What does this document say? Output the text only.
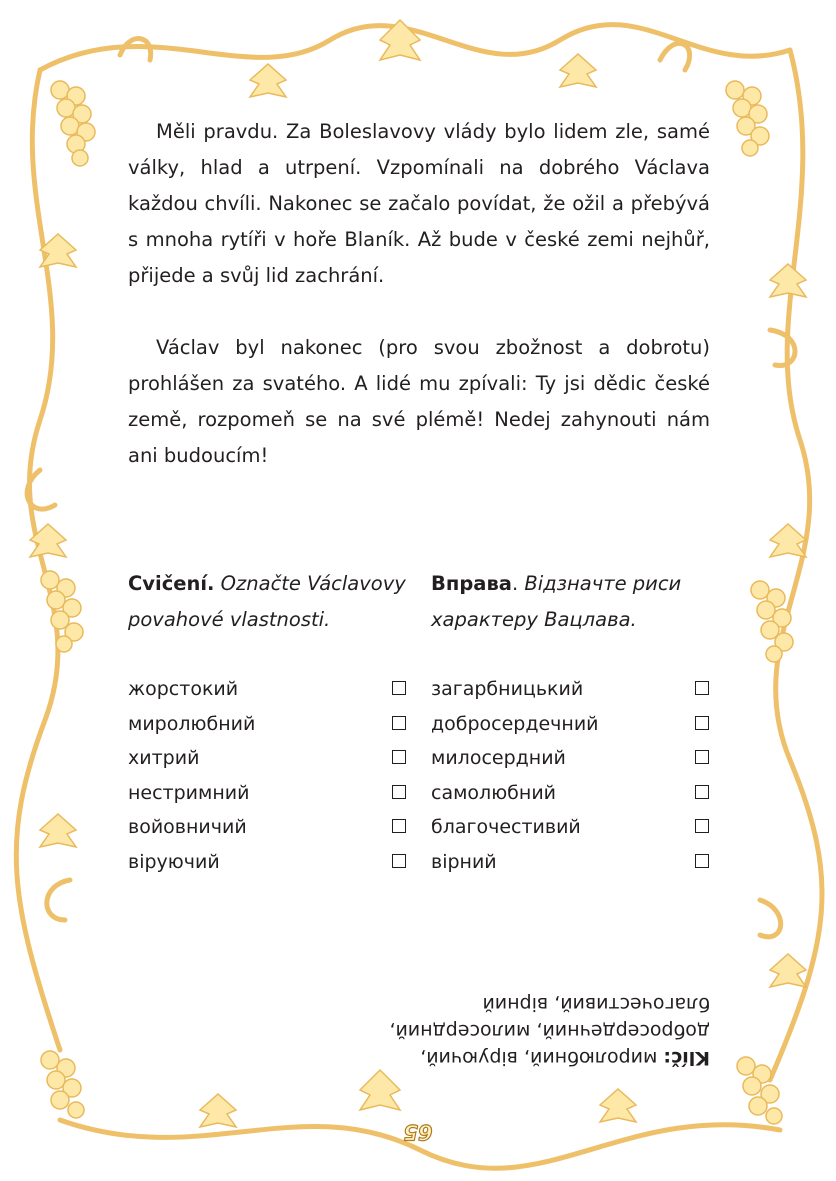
Měli pravdu. Za Boleslavovy vlády bylo lidem zle, samé války, hlad a utrpení. Vzpomínali na dobrého Václava každou chvíli. Nakonec se začalo povídat, že ožil a přebývá s mnoha rytíři v hoře Blaník. Až bude v české zemi nejhůř, přijede a svůj lid zachrání.

Václav byl nakonec (pro svou zbožnost a dobrotu) prohlášen za svatého. A lidé mu zpívali: Ty jsi dědic české země, rozpomeň se na své plémě! Nedej zahynouti nám ani budoucím!

Cvičení. Označte Václavovy povahové vlastnosti.
Вправа. Відзначте риси характеру Вацлава.
жорстокий
миролюбний
хитрий
нестримний
войовничий
віруючий
загарбницький
добросердечний
милосердний
самолюбний
благочестивий
вірний
Klíč: миролюбний, віруючий, добросердечний, милосердний, благочестивий, вірний
65
